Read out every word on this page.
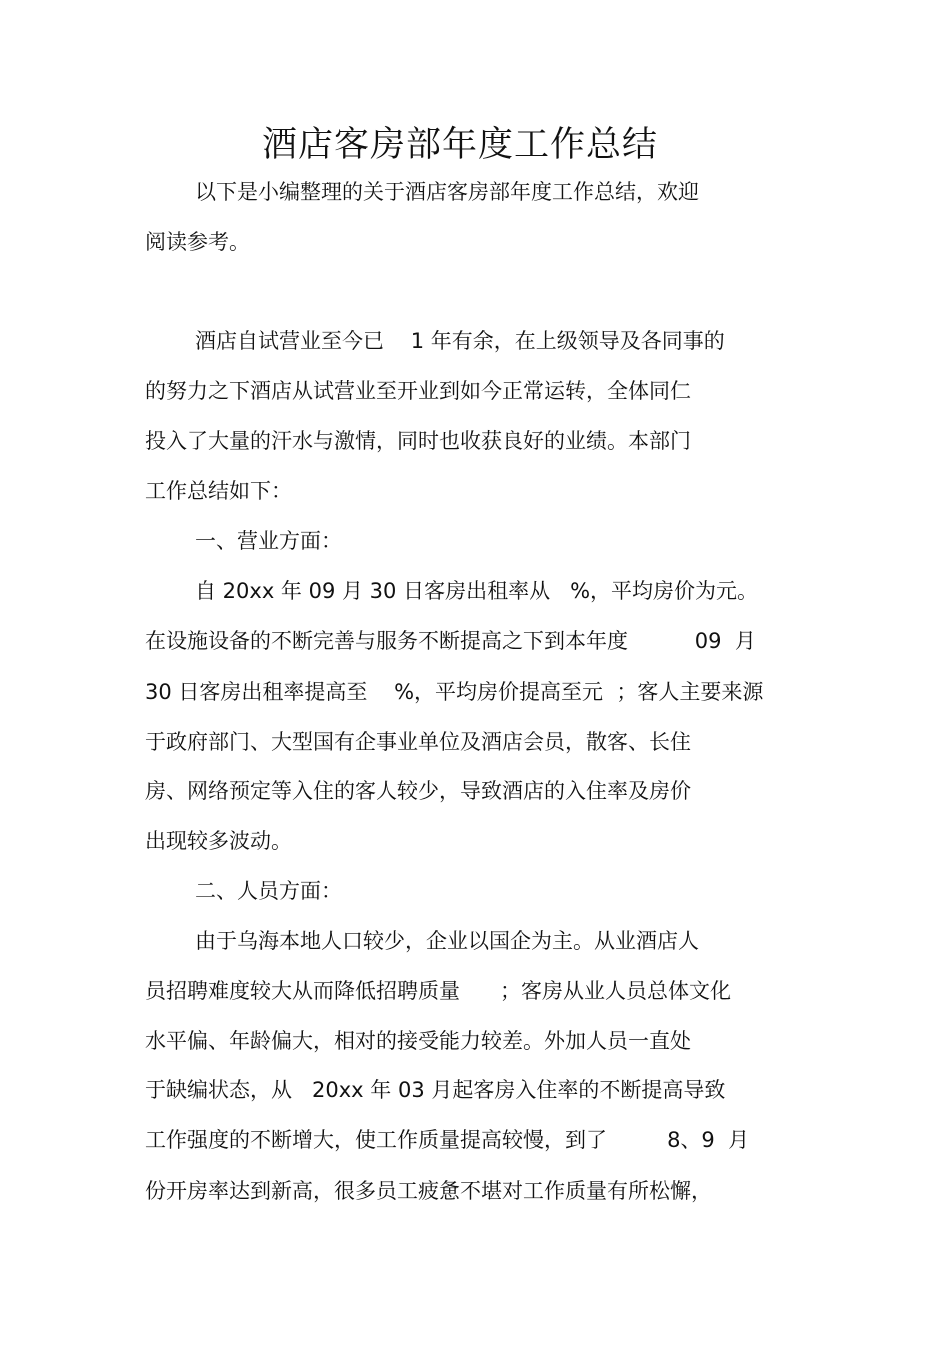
酒店客房部年度工作总结

以下是小编整理的关于酒店客房部年度工作总结，欢迎

阅读参考。

酒店自试营业至今已    1 年有余，在上级领导及各同事的

的努力之下酒店从试营业至开业到如今正常运转，全体同仁

投入了大量的汗水与激情，同时也收获良好的业绩。本部门

工作总结如下：

一、营业方面：

自 20xx 年 09 月 30 日客房出租率从   %，平均房价为元。

在设施设备的不断完善与服务不断提高之下到本年度          09  月

30 日客房出租率提高至    %，平均房价提高至元  ；客人主要来源

于政府部门、大型国有企事业单位及酒店会员，散客、长住

房、网络预定等入住的客人较少，导致酒店的入住率及房价

出现较多波动。

二、人员方面：

由于乌海本地人口较少，企业以国企为主。从业酒店人

员招聘难度较大从而降低招聘质量      ；客房从业人员总体文化

水平偏、年龄偏大，相对的接受能力较差。外加人员一直处

于缺编状态，从   20xx 年 03 月起客房入住率的不断提高导致

工作强度的不断增大，使工作质量提高较慢，到了         8、9  月

份开房率达到新高，很多员工疲惫不堪对工作质量有所松懈，
